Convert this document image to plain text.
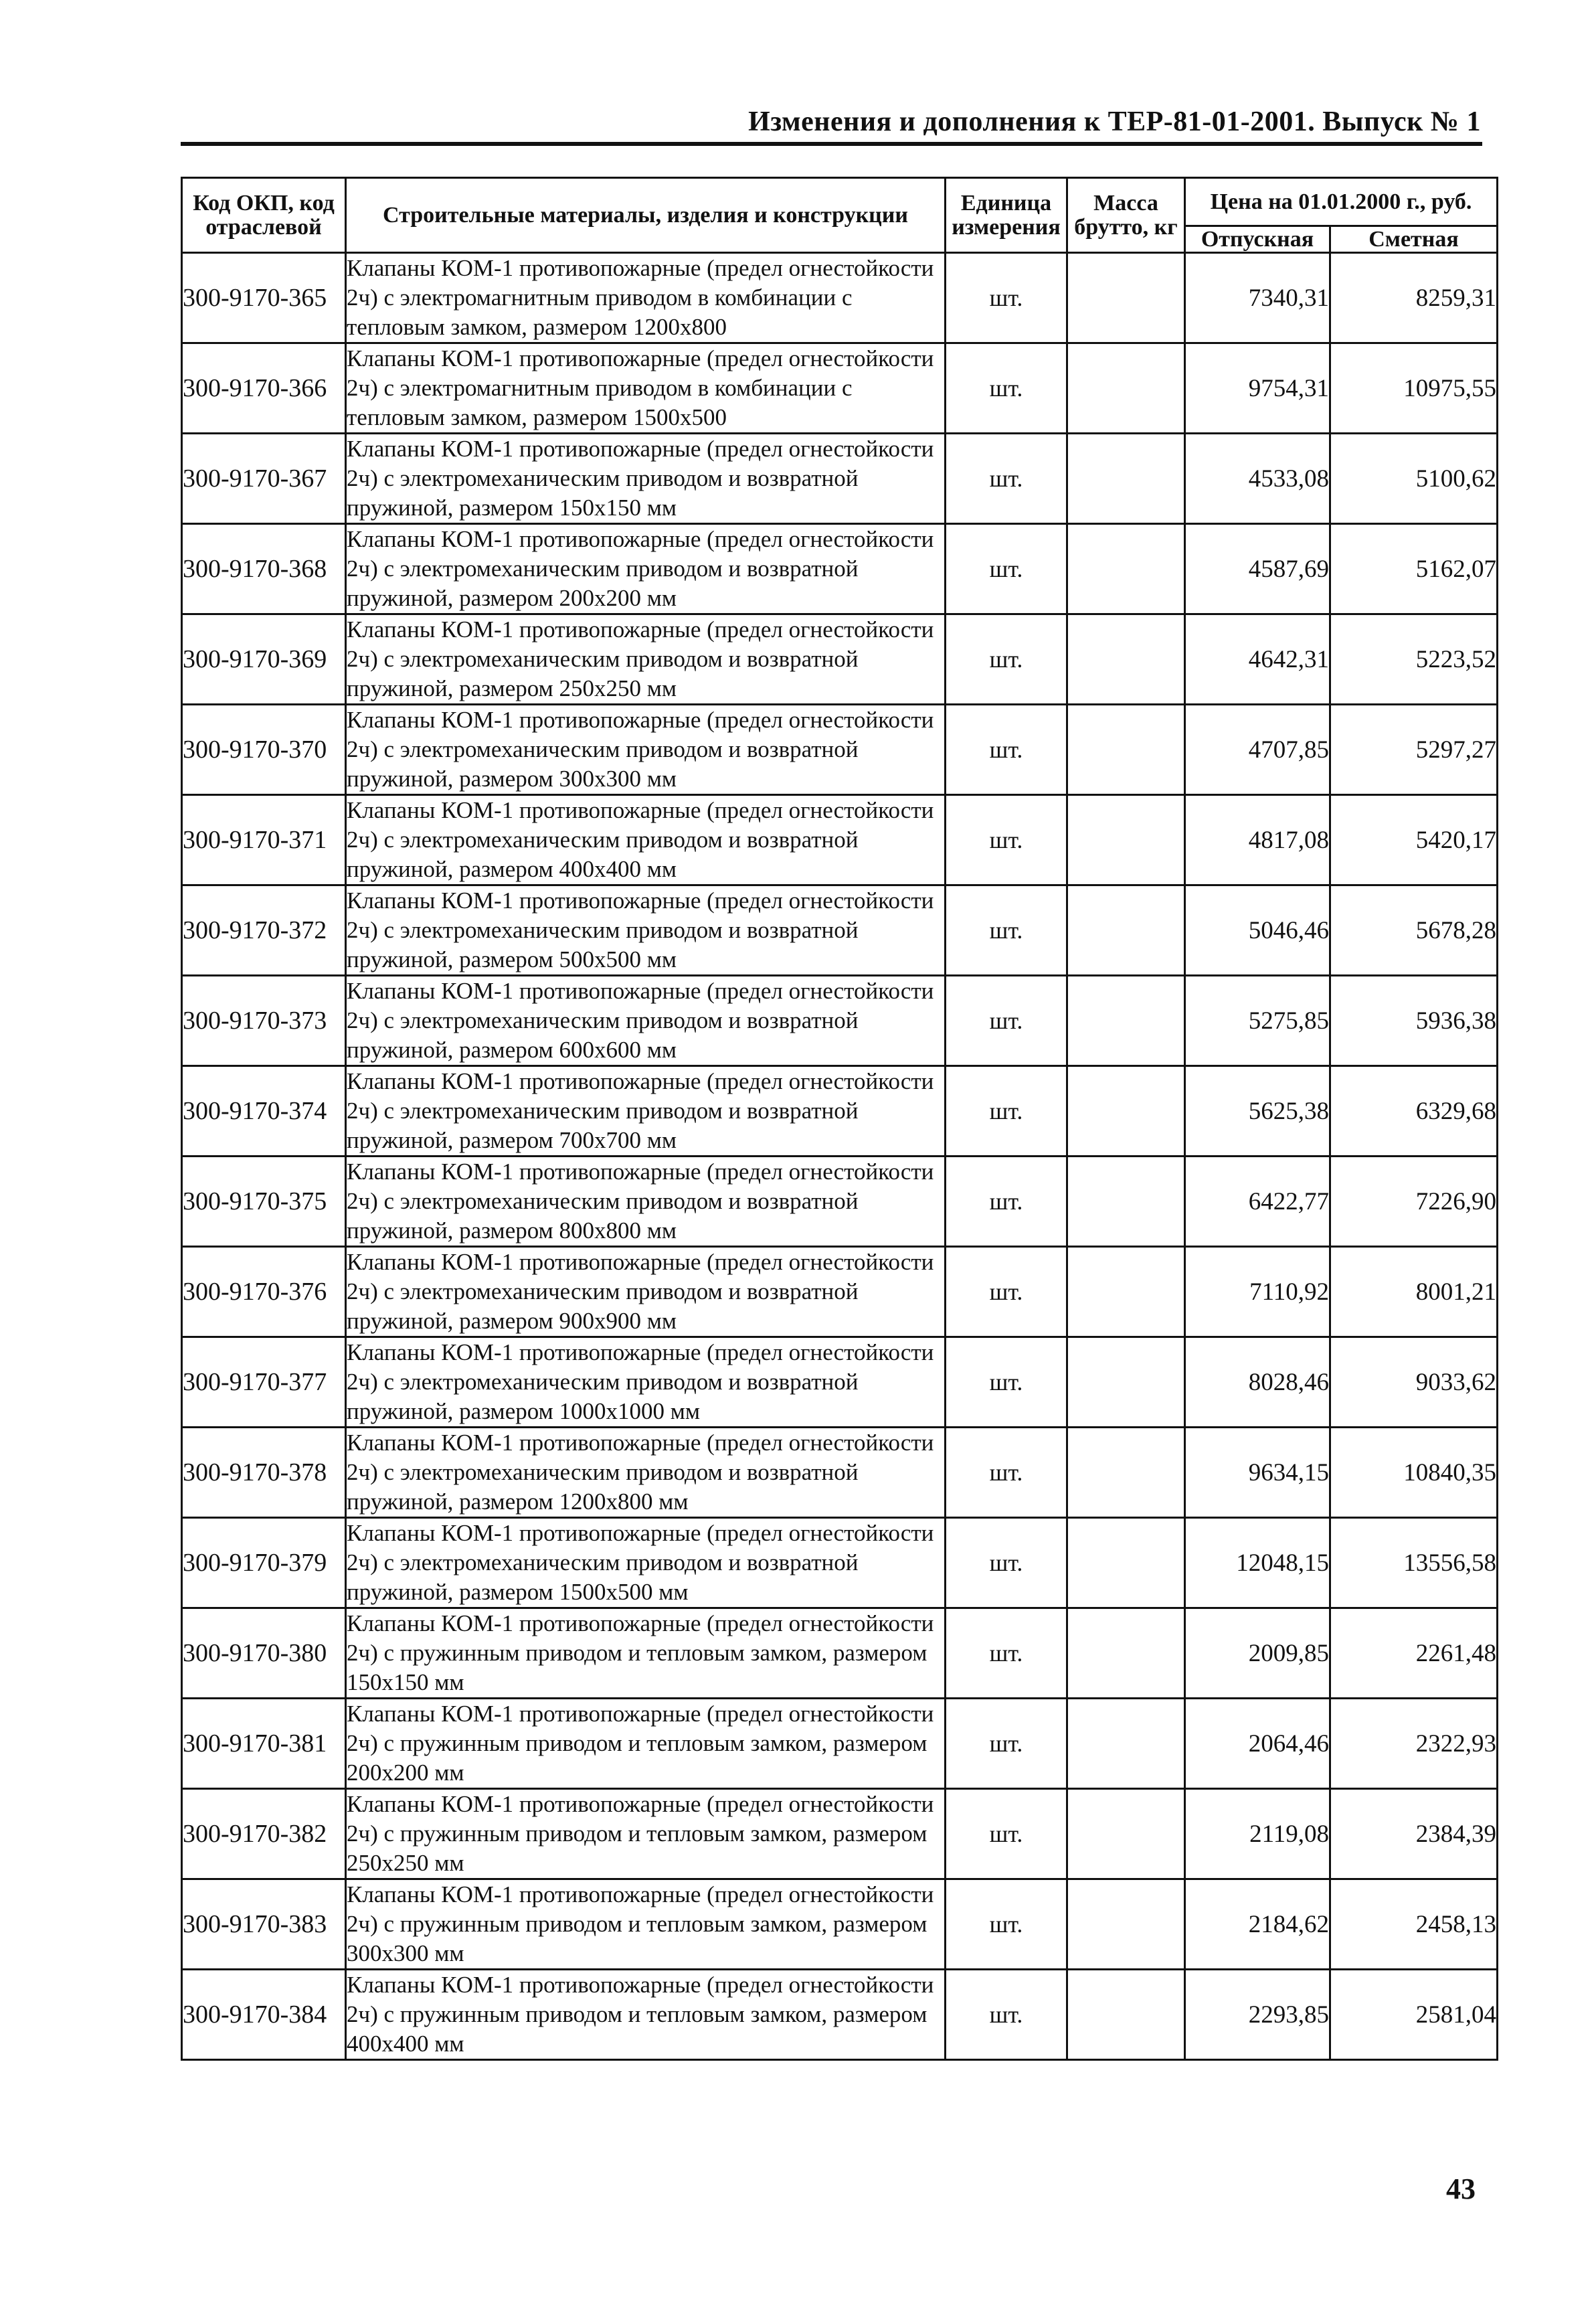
Изменения и дополнения к ТЕР-81-01-2001. Выпуск № 1
Код ОКП, код отраслевой	Строительные материалы, изделия и конструкции	Единица измерения	Масса брутто, кг	Цена на 01.01.2000 г., руб.	
				Отпускная	Сметная
300-9170-365	Клапаны КОМ-1 противопожарные (предел огнестойкости 2ч) с электромагнитным приводом в комбинации с тепловым замком, размером 1200х800	шт.		7340,31	8259,31
300-9170-366	Клапаны КОМ-1 противопожарные (предел огнестойкости 2ч) с электромагнитным приводом в комбинации с тепловым замком, размером 1500х500	шт.		9754,31	10975,55
300-9170-367	Клапаны КОМ-1 противопожарные (предел огнестойкости 2ч) с электромеханическим приводом и возвратной пружиной, размером 150х150 мм	шт.		4533,08	5100,62
300-9170-368	Клапаны КОМ-1 противопожарные (предел огнестойкости 2ч) с электромеханическим приводом и возвратной пружиной, размером 200х200 мм	шт.		4587,69	5162,07
300-9170-369	Клапаны КОМ-1 противопожарные (предел огнестойкости 2ч) с электромеханическим приводом и возвратной пружиной, размером 250х250 мм	шт.		4642,31	5223,52
300-9170-370	Клапаны КОМ-1 противопожарные (предел огнестойкости 2ч) с электромеханическим приводом и возвратной пружиной, размером 300х300 мм	шт.		4707,85	5297,27
300-9170-371	Клапаны КОМ-1 противопожарные (предел огнестойкости 2ч) с электромеханическим приводом и возвратной пружиной, размером 400х400 мм	шт.		4817,08	5420,17
300-9170-372	Клапаны КОМ-1 противопожарные (предел огнестойкости 2ч) с электромеханическим приводом и возвратной пружиной, размером 500х500 мм	шт.		5046,46	5678,28
300-9170-373	Клапаны КОМ-1 противопожарные (предел огнестойкости 2ч) с электромеханическим приводом и возвратной пружиной, размером 600х600 мм	шт.		5275,85	5936,38
300-9170-374	Клапаны КОМ-1 противопожарные (предел огнестойкости 2ч) с электромеханическим приводом и возвратной пружиной, размером 700х700 мм	шт.		5625,38	6329,68
300-9170-375	Клапаны КОМ-1 противопожарные (предел огнестойкости 2ч) с электромеханическим приводом и возвратной пружиной, размером 800х800 мм	шт.		6422,77	7226,90
300-9170-376	Клапаны КОМ-1 противопожарные (предел огнестойкости 2ч) с электромеханическим приводом и возвратной пружиной, размером 900х900 мм	шт.		7110,92	8001,21
300-9170-377	Клапаны КОМ-1 противопожарные (предел огнестойкости 2ч) с электромеханическим приводом и возвратной пружиной, размером 1000х1000 мм	шт.		8028,46	9033,62
300-9170-378	Клапаны КОМ-1 противопожарные (предел огнестойкости 2ч) с электромеханическим приводом и возвратной пружиной, размером 1200х800 мм	шт.		9634,15	10840,35
300-9170-379	Клапаны КОМ-1 противопожарные (предел огнестойкости 2ч) с электромеханическим приводом и возвратной пружиной, размером 1500х500 мм	шт.		12048,15	13556,58
300-9170-380	Клапаны КОМ-1 противопожарные (предел огнестойкости 2ч) с пружинным приводом и тепловым замком, размером 150х150 мм	шт.		2009,85	2261,48
300-9170-381	Клапаны КОМ-1 противопожарные (предел огнестойкости 2ч) с пружинным приводом и тепловым замком, размером 200х200 мм	шт.		2064,46	2322,93
300-9170-382	Клапаны КОМ-1 противопожарные (предел огнестойкости 2ч) с пружинным приводом и тепловым замком, размером 250х250 мм	шт.		2119,08	2384,39
300-9170-383	Клапаны КОМ-1 противопожарные (предел огнестойкости 2ч) с пружинным приводом и тепловым замком, размером 300х300 мм	шт.		2184,62	2458,13
300-9170-384	Клапаны КОМ-1 противопожарные (предел огнестойкости 2ч) с пружинным приводом и тепловым замком, размером 400х400 мм	шт.		2293,85	2581,04
43
